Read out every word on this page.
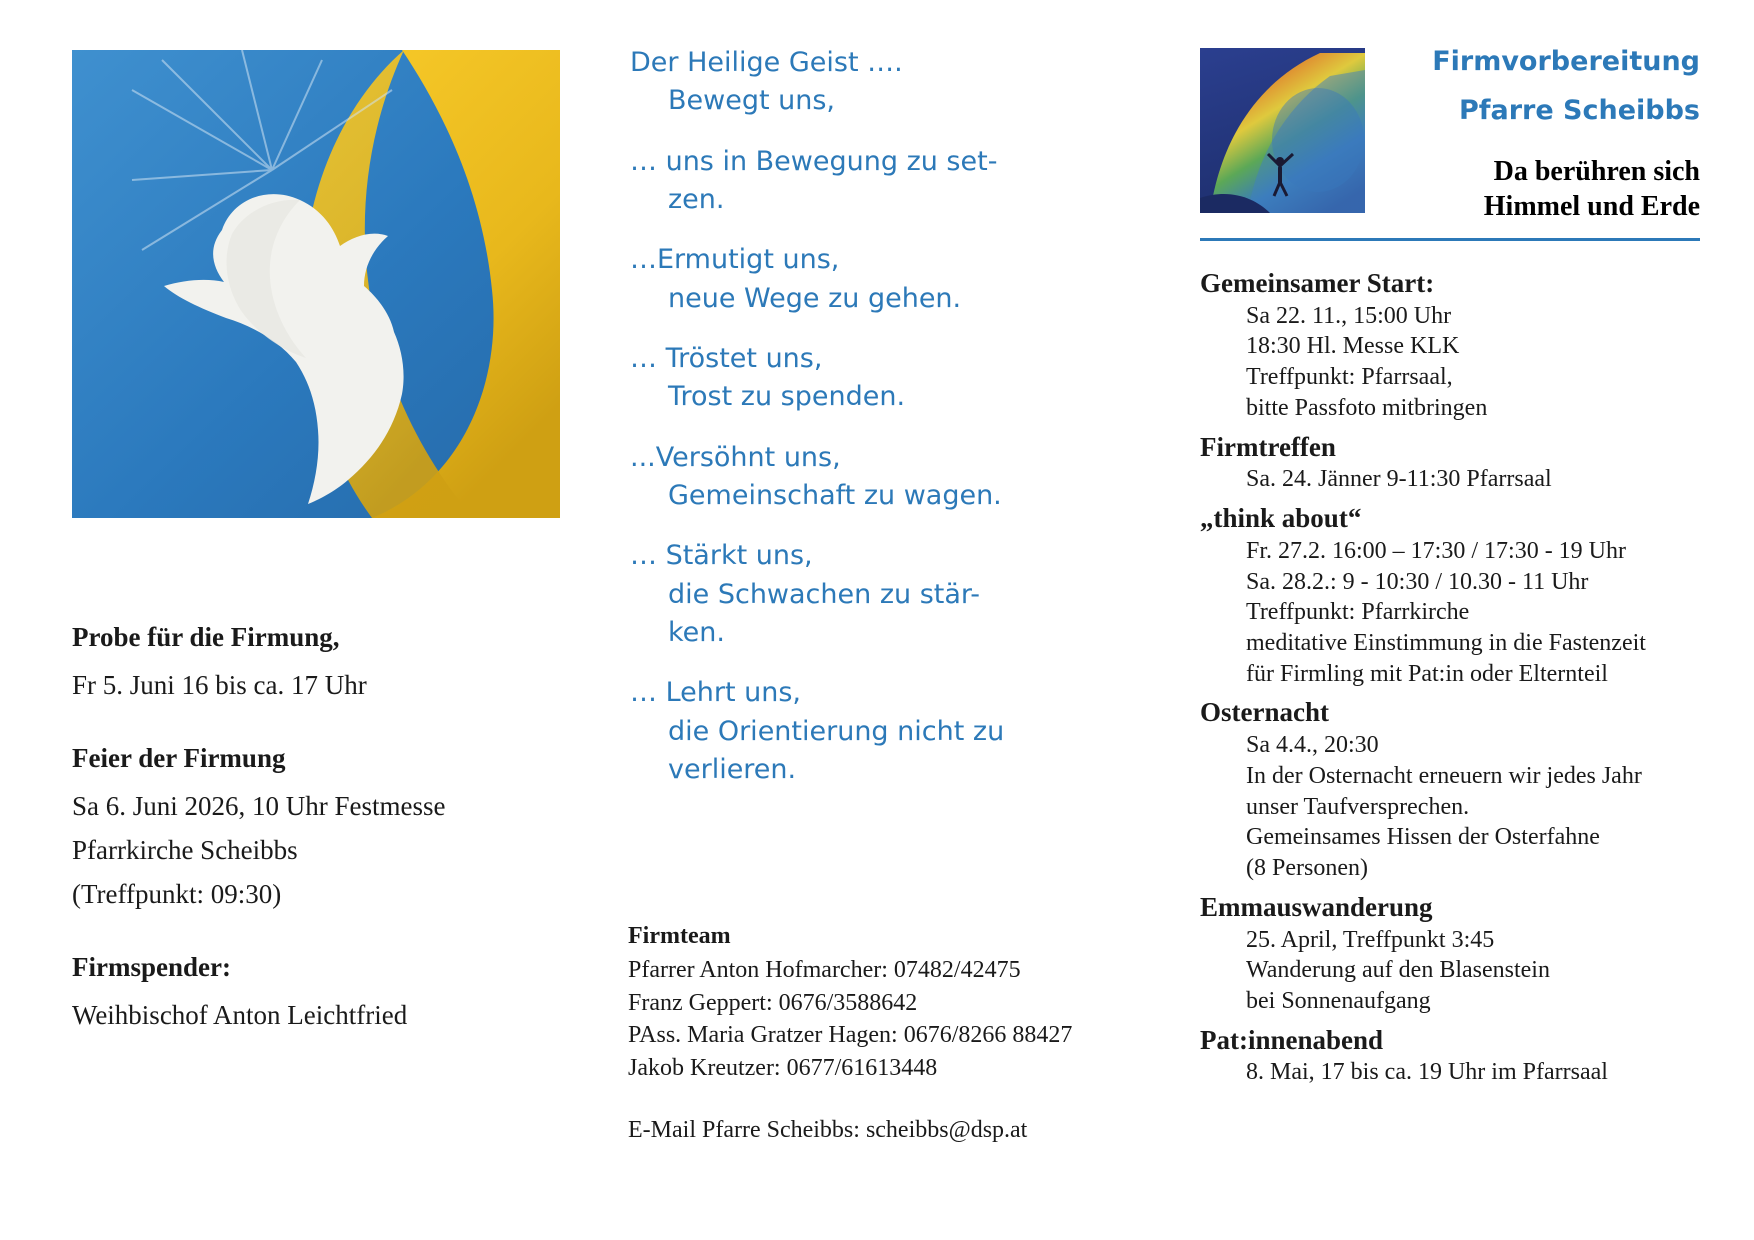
Probe für die Firmung,
Fr 5. Juni 16 bis ca. 17 Uhr
Feier der Firmung
Sa 6. Juni 2026, 10 Uhr Festmesse
Pfarrkirche Scheibbs
(Treffpunkt: 09:30)
Firmspender:
Weihbischof Anton Leichtfried
Der Heilige Geist ….
Bewegt uns,
… uns in Bewegung zu set-
zen.
…Ermutigt uns,
neue Wege zu gehen.
… Tröstet uns,
Trost zu spenden.
...Versöhnt uns,
Gemeinschaft zu wagen.
… Stärkt uns,
die Schwachen zu stär-
ken.
… Lehrt uns,
die Orientierung nicht zu
verlieren.
Firmteam
Pfarrer Anton Hofmarcher: 07482/42475
Franz Geppert: 0676/3588642
PAss. Maria Gratzer Hagen: 0676/8266 88427
Jakob Kreutzer: 0677/61613448
E-Mail Pfarre Scheibbs: scheibbs@dsp.at
Firmvorbereitung
Pfarre Scheibbs
Da berühren sich
Himmel und Erde
Gemeinsamer Start:
Sa 22. 11., 15:00 Uhr
18:30 Hl. Messe KLK
Treffpunkt: Pfarrsaal,
bitte Passfoto mitbringen
Firmtreffen
Sa. 24. Jänner 9-11:30 Pfarrsaal
„think about“
Fr. 27.2. 16:00 – 17:30 / 17:30 - 19 Uhr
Sa. 28.2.: 9 - 10:30 / 10.30 - 11 Uhr
Treffpunkt: Pfarrkirche
meditative Einstimmung in die Fastenzeit
für Firmling mit Pat:in oder Elternteil
Osternacht
Sa 4.4., 20:30
In der Osternacht erneuern wir jedes Jahr
unser Taufversprechen.
Gemeinsames Hissen der Osterfahne
(8 Personen)
Emmauswanderung
25. April, Treffpunkt 3:45
Wanderung auf den Blasenstein
bei Sonnenaufgang
Pat:innenabend
8. Mai, 17 bis ca. 19 Uhr im Pfarrsaal
